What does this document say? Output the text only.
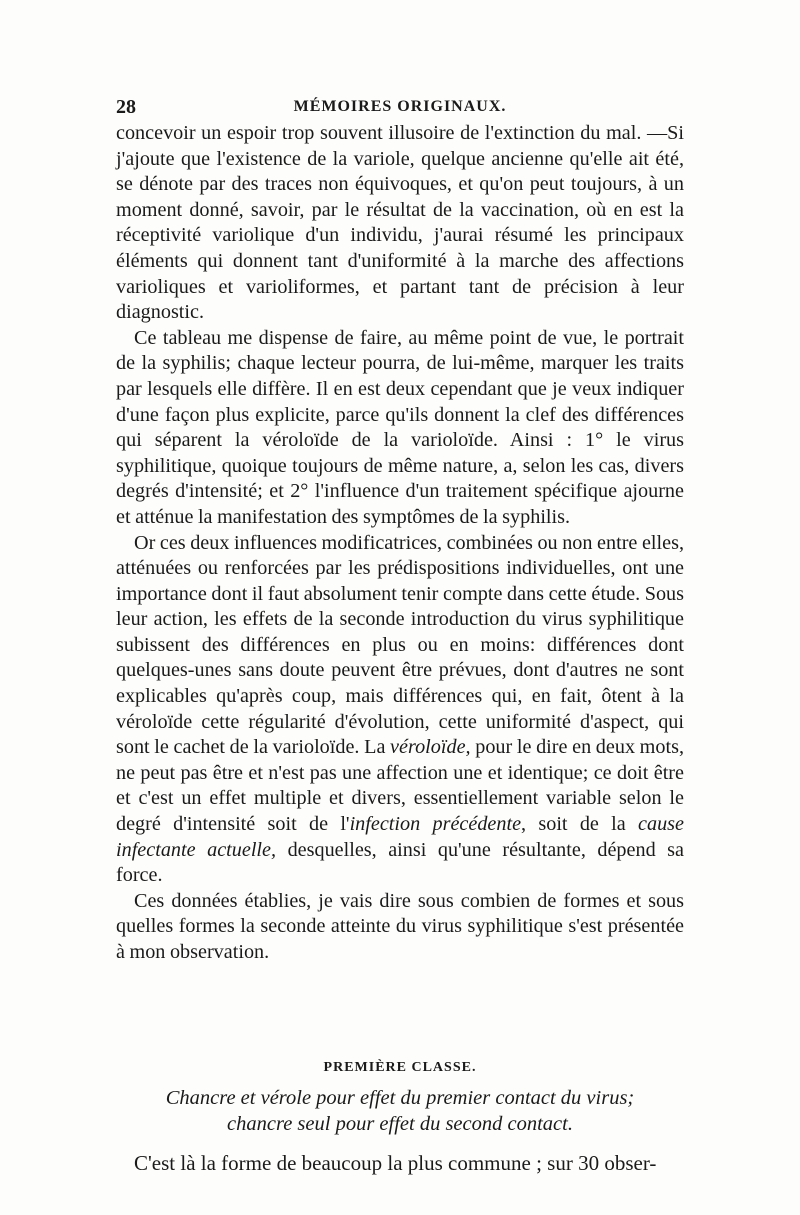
28	MÉMOIRES ORIGINAUX.

concevoir un espoir trop souvent illusoire de l'extinction du mal. —Si j'ajoute que l'existence de la variole, quelque ancienne qu'elle ait été, se dénote par des traces non équivoques, et qu'on peut toujours, à un moment donné, savoir, par le résultat de la vaccination, où en est la réceptivité variolique d'un individu, j'aurai résumé les principaux éléments qui donnent tant d'uniformité à la marche des affections varioliques et varioliformes, et partant tant de précision à leur diagnostic.

Ce tableau me dispense de faire, au même point de vue, le portrait de la syphilis; chaque lecteur pourra, de lui-même, marquer les traits par lesquels elle diffère. Il en est deux cependant que je veux indiquer d'une façon plus explicite, parce qu'ils donnent la clef des différences qui séparent la véroloïde de la varioloïde. Ainsi : 1° le virus syphilitique, quoique toujours de même nature, a, selon les cas, divers degrés d'intensité; et 2° l'influence d'un traitement spécifique ajourne et atténue la manifestation des symptômes de la syphilis.

Or ces deux influences modificatrices, combinées ou non entre elles, atténuées ou renforcées par les prédispositions individuelles, ont une importance dont il faut absolument tenir compte dans cette étude. Sous leur action, les effets de la seconde introduction du virus syphilitique subissent des différences en plus ou en moins: différences dont quelques-unes sans doute peuvent être prévues, dont d'autres ne sont explicables qu'après coup, mais différences qui, en fait, ôtent à la véroloïde cette régularité d'évolution, cette uniformité d'aspect, qui sont le cachet de la varioloïde. La véroloïde, pour le dire en deux mots, ne peut pas être et n'est pas une affection une et identique; ce doit être et c'est un effet multiple et divers, essentiellement variable selon le degré d'intensité soit de l'infection précédente, soit de la cause infectante actuelle, desquelles, ainsi qu'une résultante, dépend sa force.

Ces données établies, je vais dire sous combien de formes et sous quelles formes la seconde atteinte du virus syphilitique s'est présentée à mon observation.

PREMIÈRE CLASSE.
Chancre et vérole pour effet du premier contact du virus;
chancre seul pour effet du second contact.
C'est là la forme de beaucoup la plus commune ; sur 30 obser-
